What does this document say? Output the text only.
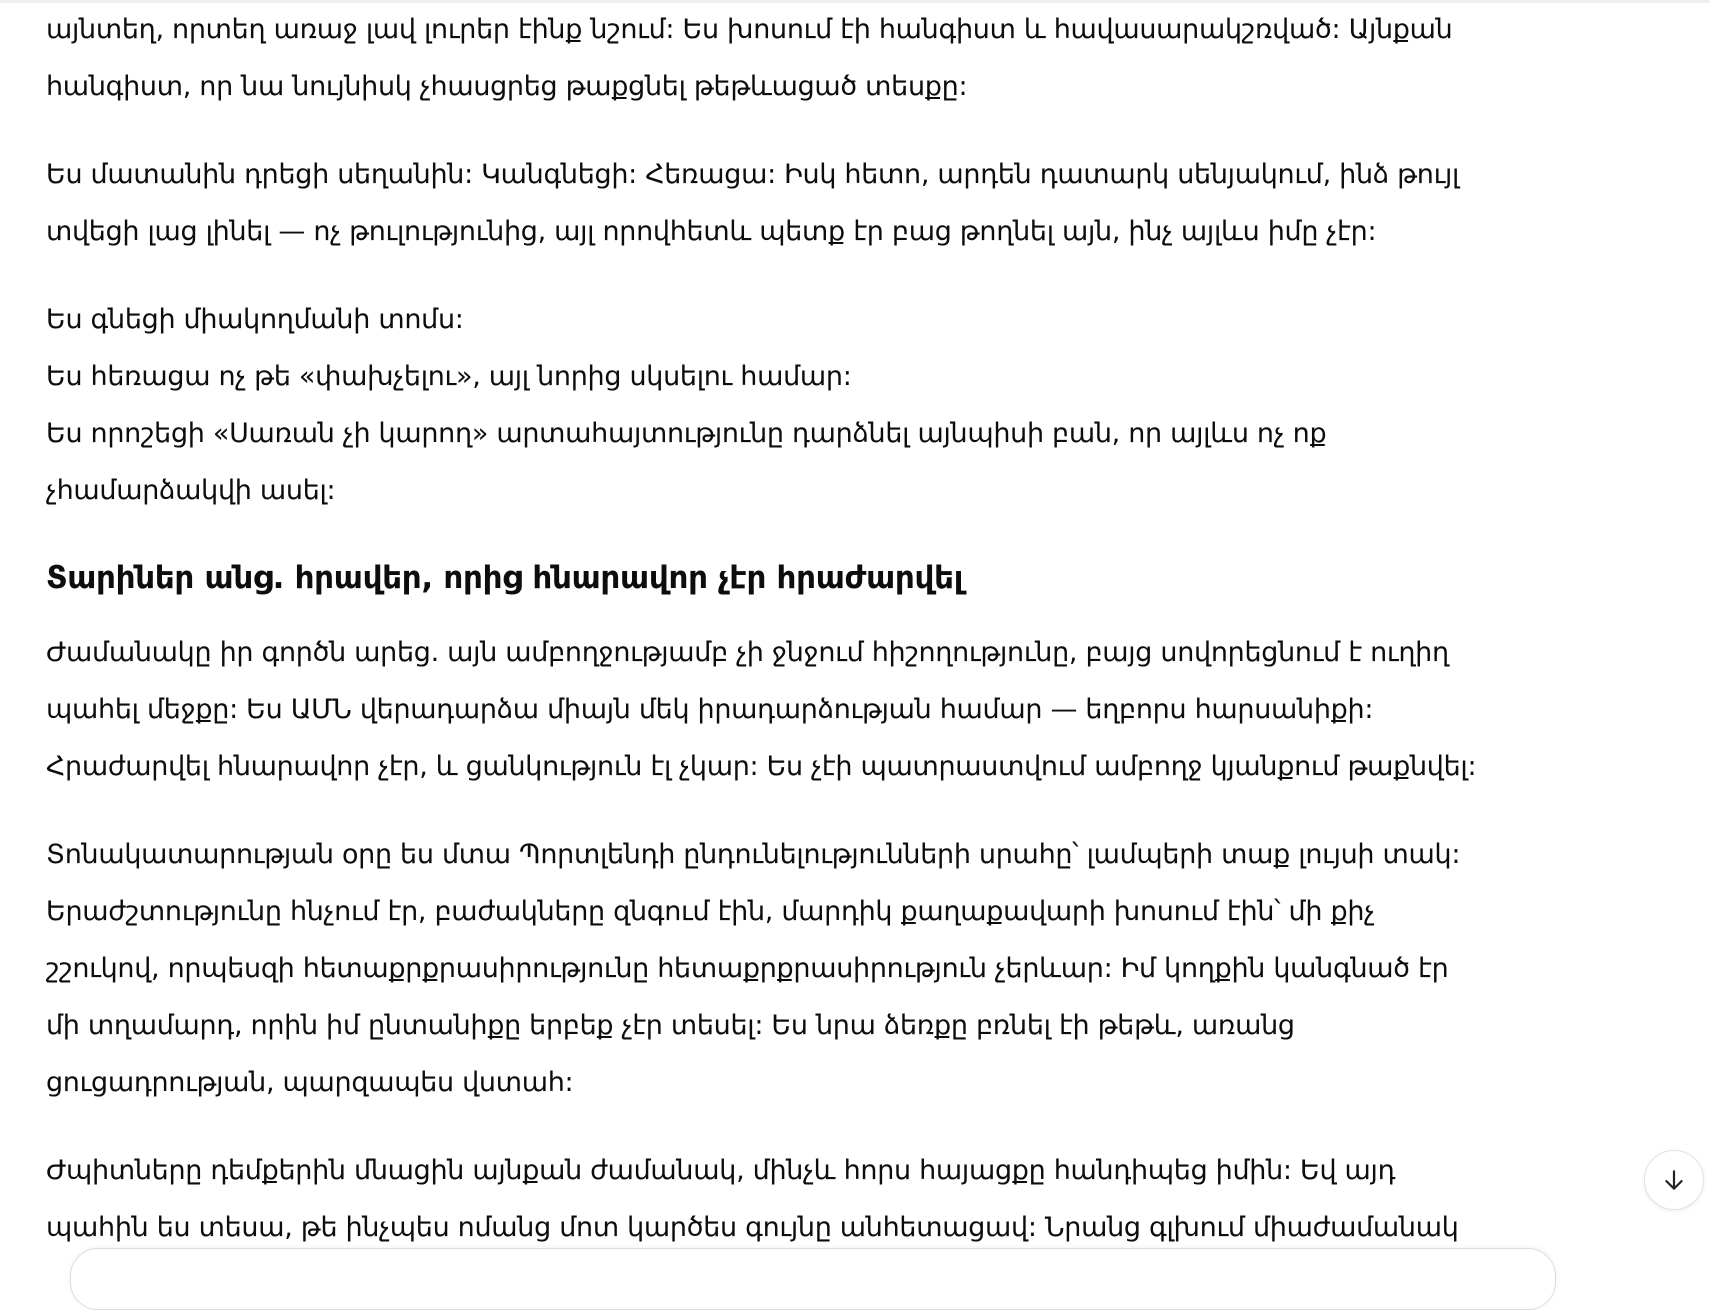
այնտեղ, որտեղ առաջ լավ լուրեր էինք նշում: Ես խոսում էի հանգիստ և հավասարակշռված: Այնքան
հանգիստ, որ նա նույնիսկ չհասցրեց թաքցնել թեթևացած տեսքը:

Ես մատանին դրեցի սեղանին: Կանգնեցի: Հեռացա: Իսկ հետո, արդեն դատարկ սենյակում, ինձ թույլ
տվեցի լաց լինել — ոչ թուլությունից, այլ որովհետև պետք էր բաց թողնել այն, ինչ այլևս իմը չէր:

Ես գնեցի միակողմանի տոմս:
Ես հեռացա ոչ թե «փախչելու», այլ նորից սկսելու համար:
Ես որոշեցի «Սառան չի կարող» արտահայտությունը դարձնել այնպիսի բան, որ այլևս ոչ ոք
չհամարձակվի ասել:

Տարիներ անց. հրավեր, որից հնարավոր չէր հրաժարվել

Ժամանակը իր գործն արեց. այն ամբողջությամբ չի ջնջում հիշողությունը, բայց սովորեցնում է ուղիղ
պահել մեջքը: Ես ԱՄՆ վերադարձա միայն մեկ իրադարձության համար — եղբորս հարսանիքի:
Հրաժարվել հնարավոր չէր, և ցանկություն էլ չկար: Ես չէի պատրաստվում ամբողջ կյանքում թաքնվել:

Տոնակատարության օրը ես մտա Պորտլենդի ընդունելությունների սրահը՝ լամպերի տաք լույսի տակ:
Երաժշտությունը հնչում էր, բաժակները զնգում էին, մարդիկ քաղաքավարի խոսում էին՝ մի քիչ
շշուկով, որպեսզի հետաքրքրասիրությունը հետաքրքրասիրություն չերևար: Իմ կողքին կանգնած էր
մի տղամարդ, որին իմ ընտանիքը երբեք չէր տեսել: Ես նրա ձեռքը բռնել էի թեթև, առանց
ցուցադրության, պարզապես վստահ:

Ժպիտները դեմքերին մնացին այնքան ժամանակ, մինչև հորս հայացքը հանդիպեց իմին: Եվ այդ
պահին ես տեսա, թե ինչպես ոմանց մոտ կարծես գույնը անհետացավ: Նրանց գլխում միաժամանակ
